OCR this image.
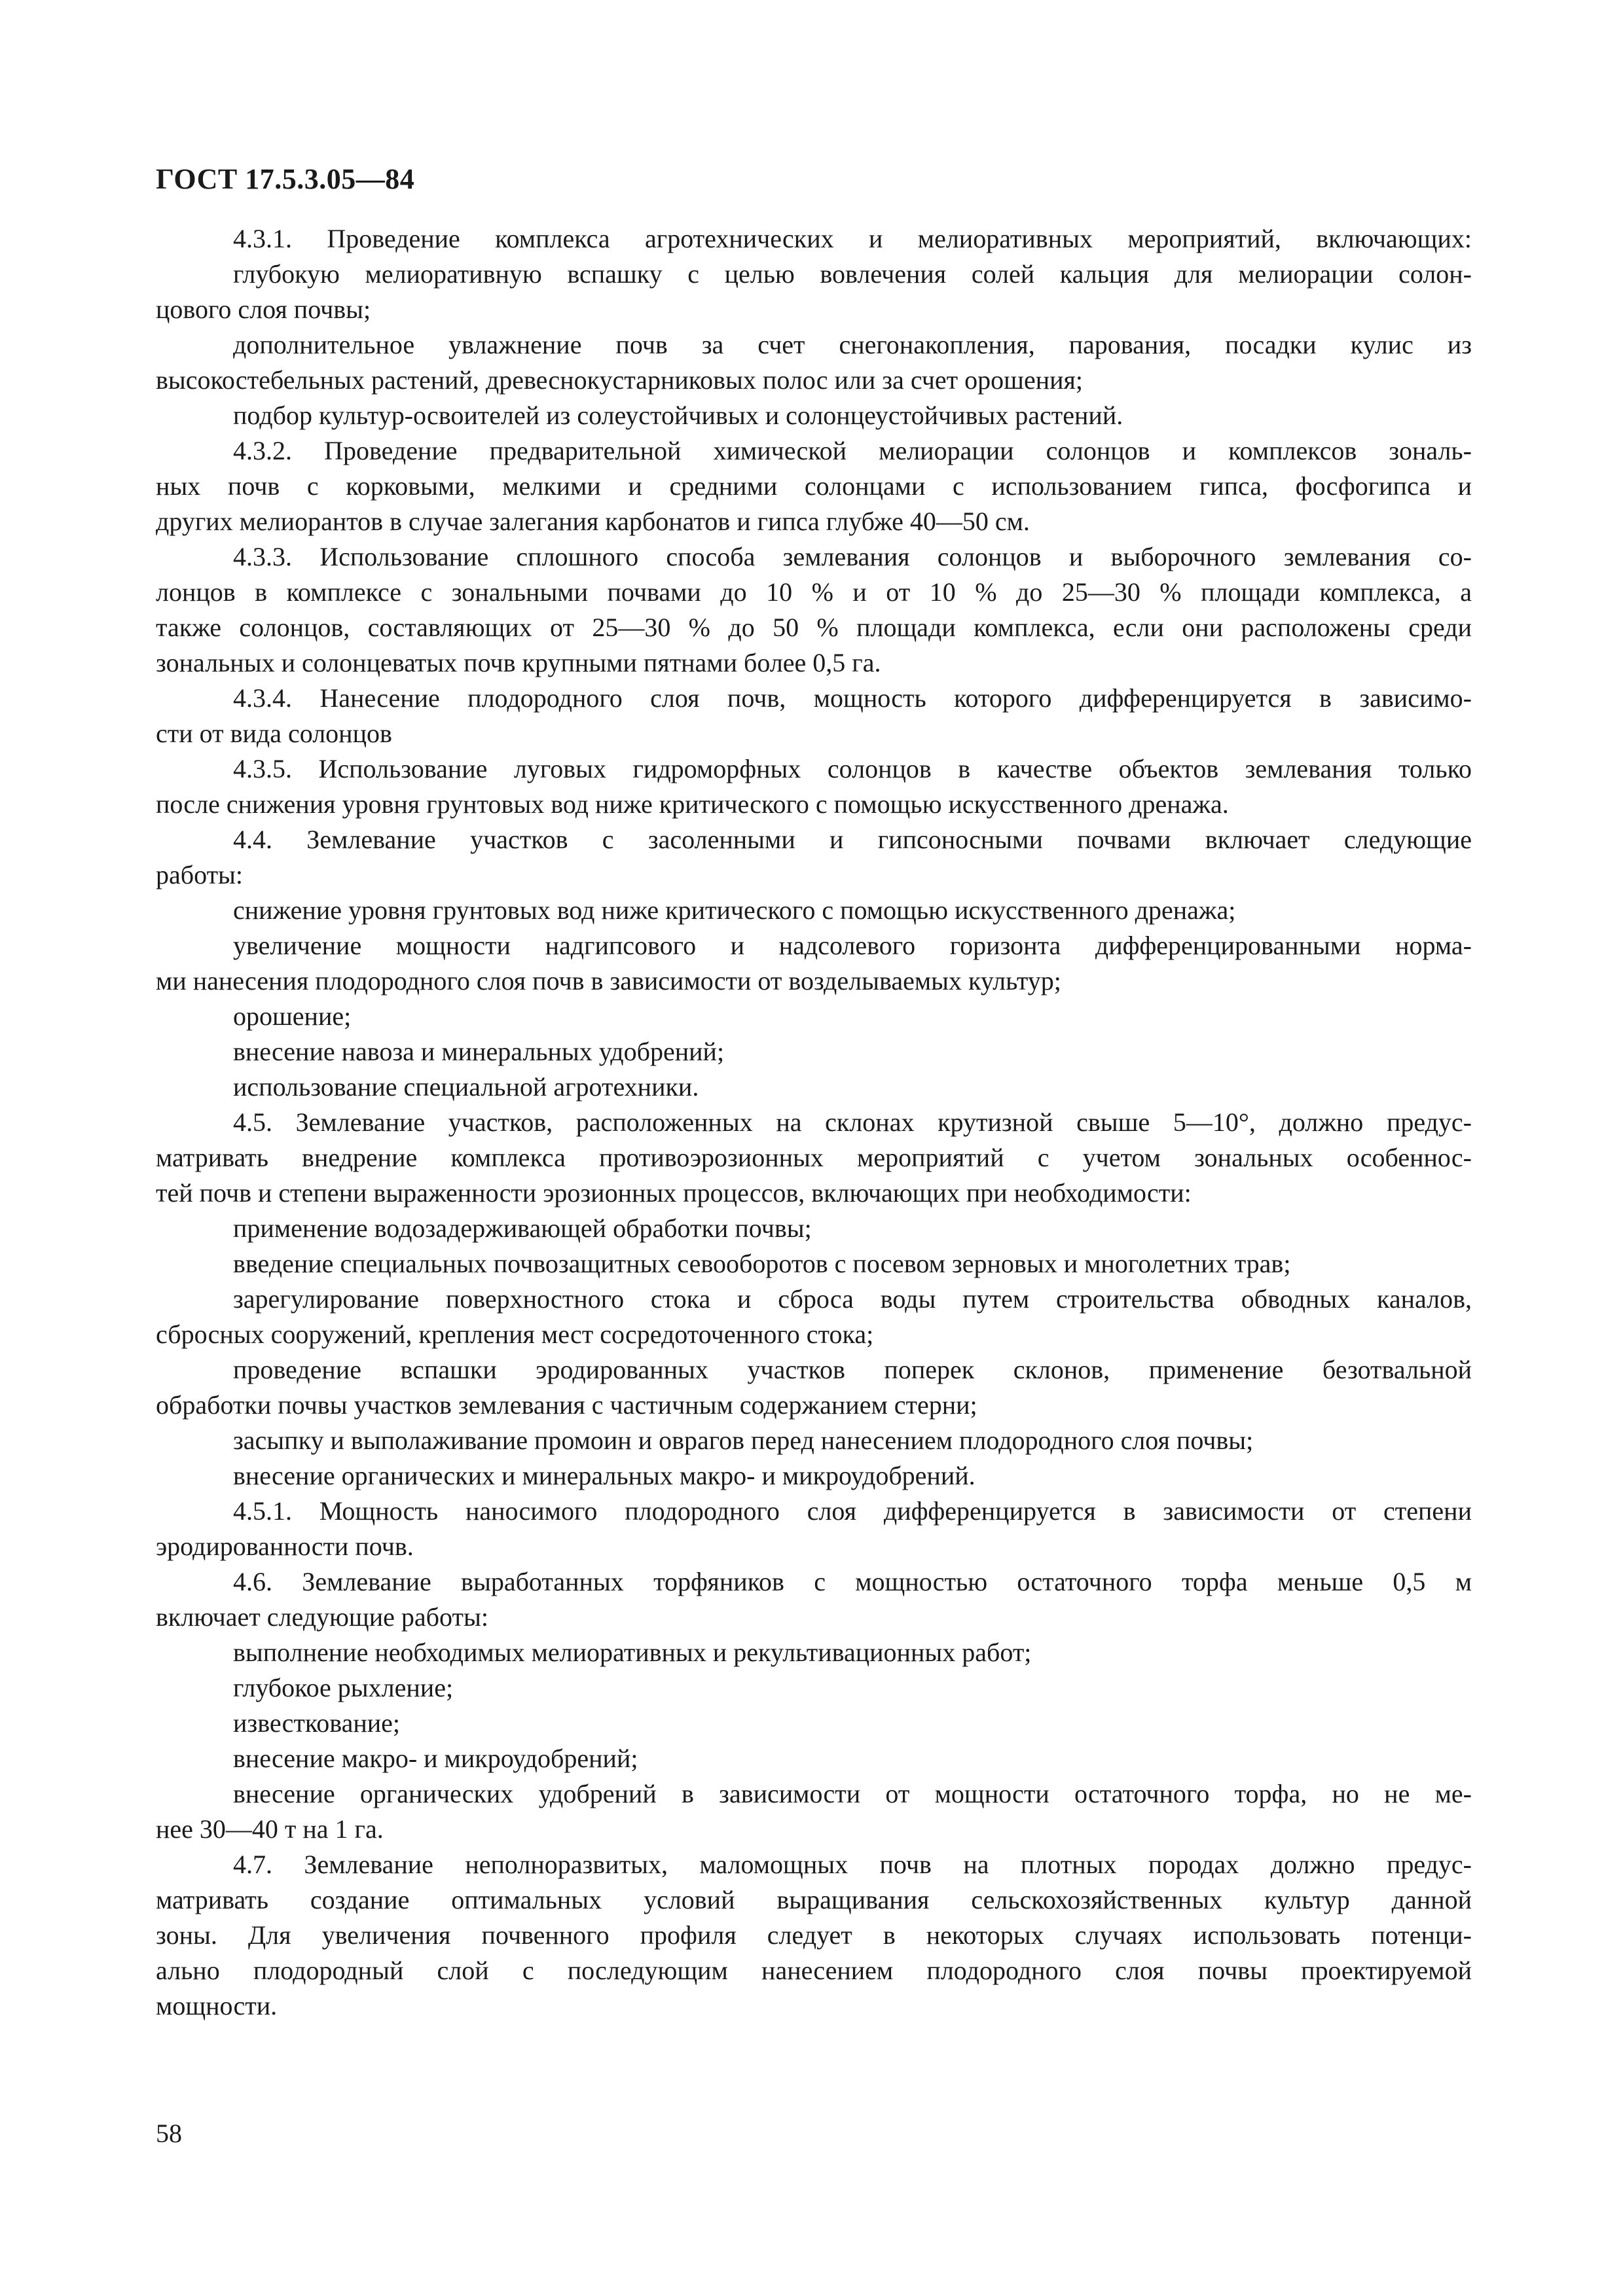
ГОСТ 17.5.3.05—84
4.3.1. Проведение комплекса агротехнических и мелиоративных мероприятий, включающих:
глубокую мелиоративную вспашку с целью вовлечения солей кальция для мелиорации солон-
цового слоя почвы;
дополнительное увлажнение почв за счет снегонакопления, парования, посадки кулис из
высокостебельных растений, древеснокустарниковых полос или за счет орошения;
подбор культур-освоителей из солеустойчивых и солонцеустойчивых растений.
4.3.2. Проведение предварительной химической мелиорации солонцов и комплексов зональ-
ных почв с корковыми, мелкими и средними солонцами с использованием гипса, фосфогипса и
других мелиорантов в случае залегания карбонатов и гипса глубже 40—50 см.
4.3.3. Использование сплошного способа землевания солонцов и выборочного землевания со-
лонцов в комплексе с зональными почвами до 10 % и от 10 % до 25—30 % площади комплекса, а
также солонцов, составляющих от 25—30 % до 50 % площади комплекса, если они расположены среди
зональных и солонцеватых почв крупными пятнами более 0,5 га.
4.3.4. Нанесение плодородного слоя почв, мощность которого дифференцируется в зависимо-
сти от вида солонцов
4.3.5. Использование луговых гидроморфных солонцов в качестве объектов землевания только
после снижения уровня грунтовых вод ниже критического с помощью искусственного дренажа.
4.4. Землевание участков с засоленными и гипсоносными почвами включает следующие
работы:
снижение уровня грунтовых вод ниже критического с помощью искусственного дренажа;
увеличение мощности надгипсового и надсолевого горизонта дифференцированными норма-
ми нанесения плодородного слоя почв в зависимости от возделываемых культур;
орошение;
внесение навоза и минеральных удобрений;
использование специальной агротехники.
4.5. Землевание участков, расположенных на склонах крутизной свыше 5—10°, должно предус-
матривать внедрение комплекса противоэрозионных мероприятий с учетом зональных особеннос-
тей почв и степени выраженности эрозионных процессов, включающих при необходимости:
применение водозадерживающей обработки почвы;
введение специальных почвозащитных севооборотов с посевом зерновых и многолетних трав;
зарегулирование поверхностного стока и сброса воды путем строительства обводных каналов,
сбросных сооружений, крепления мест сосредоточенного стока;
проведение вспашки эродированных участков поперек склонов, применение безотвальной
обработки почвы участков землевания с частичным содержанием стерни;
засыпку и выполаживание промоин и оврагов перед нанесением плодородного слоя почвы;
внесение органических и минеральных макро- и микроудобрений.
4.5.1. Мощность наносимого плодородного слоя дифференцируется в зависимости от степени
эродированности почв.
4.6. Землевание выработанных торфяников с мощностью остаточного торфа меньше 0,5 м
включает следующие работы:
выполнение необходимых мелиоративных и рекультивационных работ;
глубокое рыхление;
известкование;
внесение макро- и микроудобрений;
внесение органических удобрений в зависимости от мощности остаточного торфа, но не ме-
нее 30—40 т на 1 га.
4.7. Землевание неполноразвитых, маломощных почв на плотных породах должно предус-
матривать создание оптимальных условий выращивания сельскохозяйственных культур данной
зоны. Для увеличения почвенного профиля следует в некоторых случаях использовать потенци-
ально плодородный слой с последующим нанесением плодородного слоя почвы проектируемой
мощности.
58
